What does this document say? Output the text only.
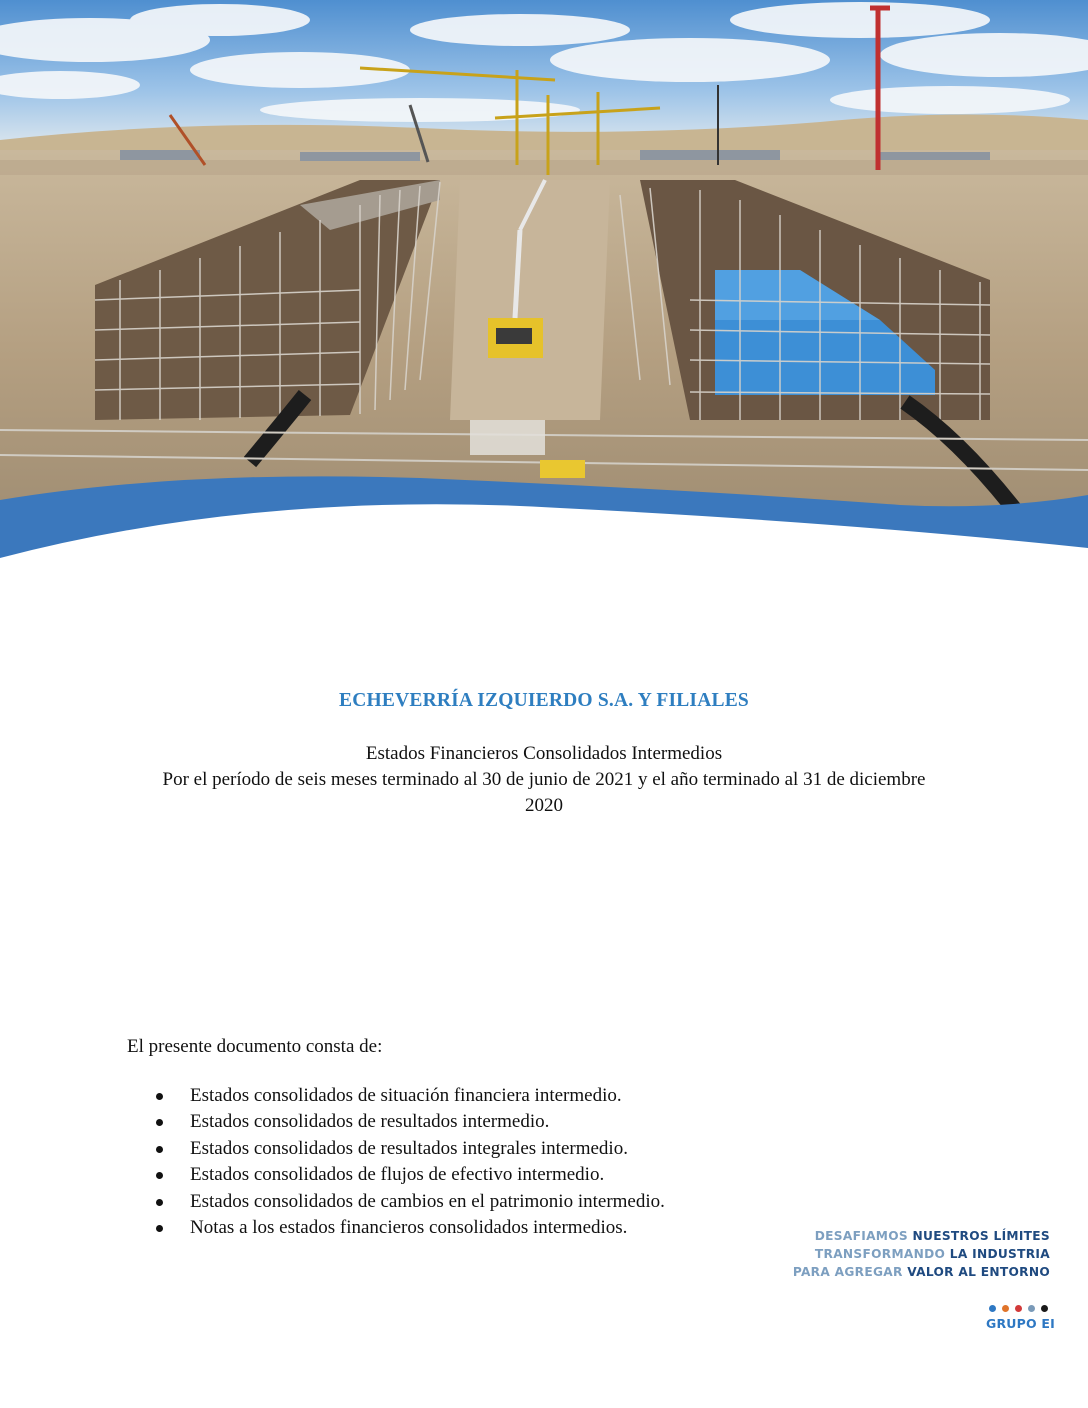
ECHEVERRÍA IZQUIERDO S.A. Y FILIALES
Estados Financieros Consolidados Intermedios
Por el período de seis meses terminado al 30 de junio de 2021 y el año terminado al 31 de diciembre
2020
El presente documento consta de:
Estados consolidados de situación financiera intermedio.
Estados consolidados de resultados intermedio.
Estados consolidados de resultados integrales intermedio.
Estados consolidados de flujos de efectivo intermedio.
Estados consolidados de cambios en el patrimonio intermedio.
Notas a los estados financieros consolidados intermedios.	DESAFIAMOS NUESTROS LÍMITES
TRANSFORMANDO LA INDUSTRIA
PARA AGREGAR VALOR AL ENTORNO
GRUPO EI
